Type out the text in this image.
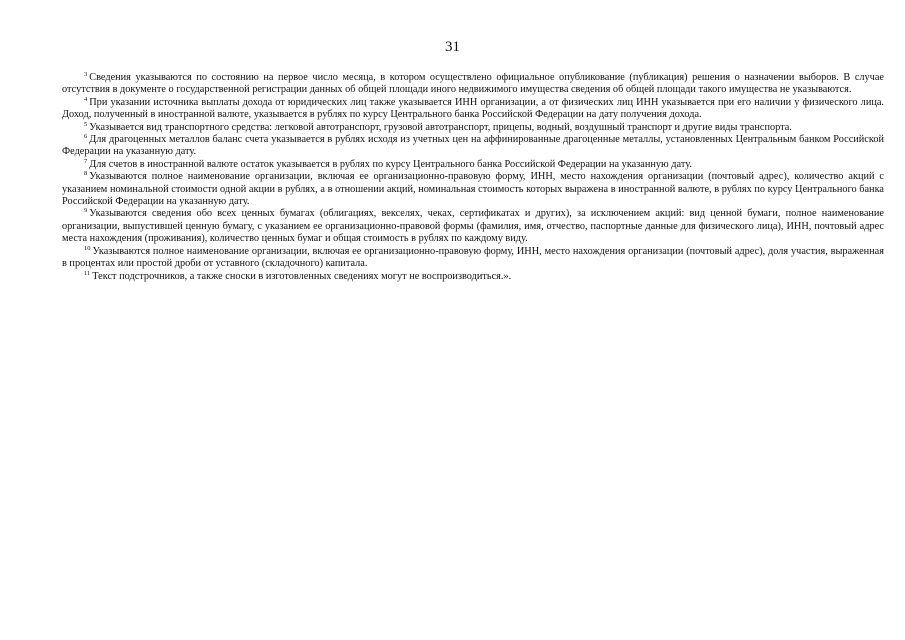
31

$^3$ Сведения указываются по состоянию на первое число месяца, в котором осуществлено официальное опубликование (публикация) решения о назначении выборов. В случае отсутствия в документе о государственной регистрации данных об общей площади иного недвижимого имущества сведения об общей площади такого имущества не указываются.

$^4$ При указании источника выплаты дохода от юридических лиц также указывается ИНН организации, а от физических лиц ИНН указывается при его наличии у физического лица. Доход, полученный в иностранной валюте, указывается в рублях по курсу Центрального банка Российской Федерации на дату получения дохода.

$^5$ Указывается вид транспортного средства: легковой автотранспорт, грузовой автотранспорт, прицепы, водный, воздушный транспорт и другие виды транспорта.

$^6$ Для драгоценных металлов баланс счета указывается в рублях исходя из учетных цен на аффинированные драгоценные металлы, установленных Центральным банком Российской Федерации на указанную дату.

$^7$ Для счетов в иностранной валюте остаток указывается в рублях по курсу Центрального банка Российской Федерации на указанную дату.

$^8$ Указываются полное наименование организации, включая ее организационно-правовую форму, ИНН, место нахождения организации (почтовый адрес), количество акций с указанием номинальной стоимости одной акции в рублях, а в отношении акций, номинальная стоимость которых выражена в иностранной валюте, в рублях по курсу Центрального банка Российской Федерации на указанную дату.

$^9$ Указываются сведения обо всех ценных бумагах (облигациях, векселях, чеках, сертификатах и других), за исключением акций: вид ценной бумаги, полное наименование организации, выпустившей ценную бумагу, с указанием ее организационно-правовой формы (фамилия, имя, отчество, паспортные данные для физического лица), ИНН, почтовый адрес места нахождения (проживания), количество ценных бумаг и общая стоимость в рублях по каждому виду.

$^{10}$ Указываются полное наименование организации, включая ее организационно-правовую форму, ИНН, место нахождения организации (почтовый адрес), доля участия, выраженная в процентах или простой дроби от уставного (складочного) капитала.

$^{11}$ Текст подстрочников, а также сноски в изготовленных сведениях могут не воспроизводиться.».
